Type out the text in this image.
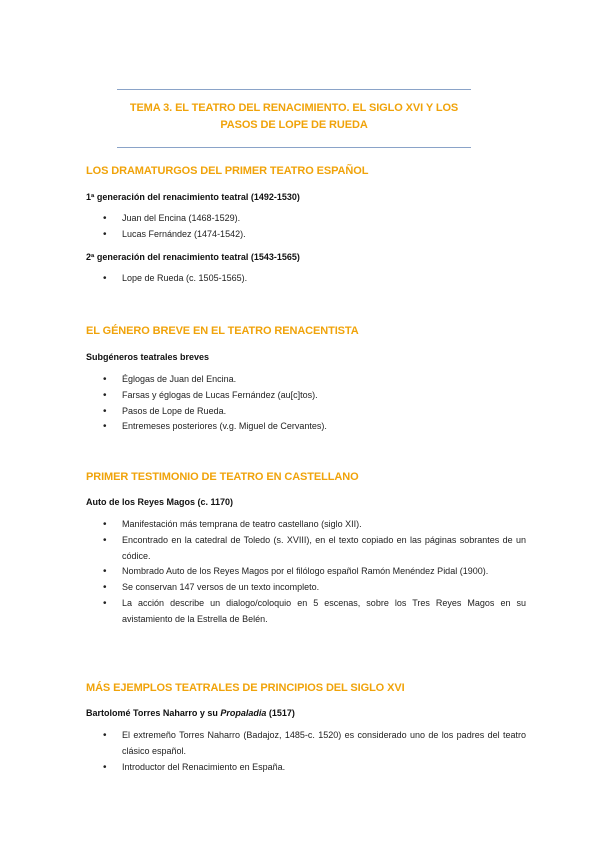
TEMA 3. EL TEATRO DEL RENACIMIENTO. EL SIGLO XVI Y LOS PASOS DE LOPE DE RUEDA

LOS DRAMATURGOS DEL PRIMER TEATRO ESPAÑOL

1ª generación del renacimiento teatral (1492-1530)

• Juan del Encina (1468-1529).
• Lucas Fernández (1474-1542).

2ª generación del renacimiento teatral (1543-1565)

• Lope de Rueda (c. 1505-1565).

EL GÉNERO BREVE EN EL TEATRO RENACENTISTA

Subgéneros teatrales breves

• Églogas de Juan del Encina.
• Farsas y églogas de Lucas Fernández (au[c]tos).
• Pasos de Lope de Rueda.
• Entremeses posteriores (v.g. Miguel de Cervantes).

PRIMER TESTIMONIO DE TEATRO EN CASTELLANO

Auto de los Reyes Magos (c. 1170)

• Manifestación más temprana de teatro castellano (siglo XII).
• Encontrado en la catedral de Toledo (s. XVIII), en el texto copiado en las páginas sobrantes de un códice.
• Nombrado Auto de los Reyes Magos por el filólogo español Ramón Menéndez Pidal (1900).
• Se conservan 147 versos de un texto incompleto.
• La acción describe un dialogo/coloquio en 5 escenas, sobre los Tres Reyes Magos en su avistamiento de la Estrella de Belén.

MÁS EJEMPLOS TEATRALES DE PRINCIPIOS DEL SIGLO XVI

Bartolomé Torres Naharro y su Propaladia (1517)

• El extremeño Torres Naharro (Badajoz, 1485-c. 1520) es considerado uno de los padres del teatro clásico español.
• Introductor del Renacimiento en España.
